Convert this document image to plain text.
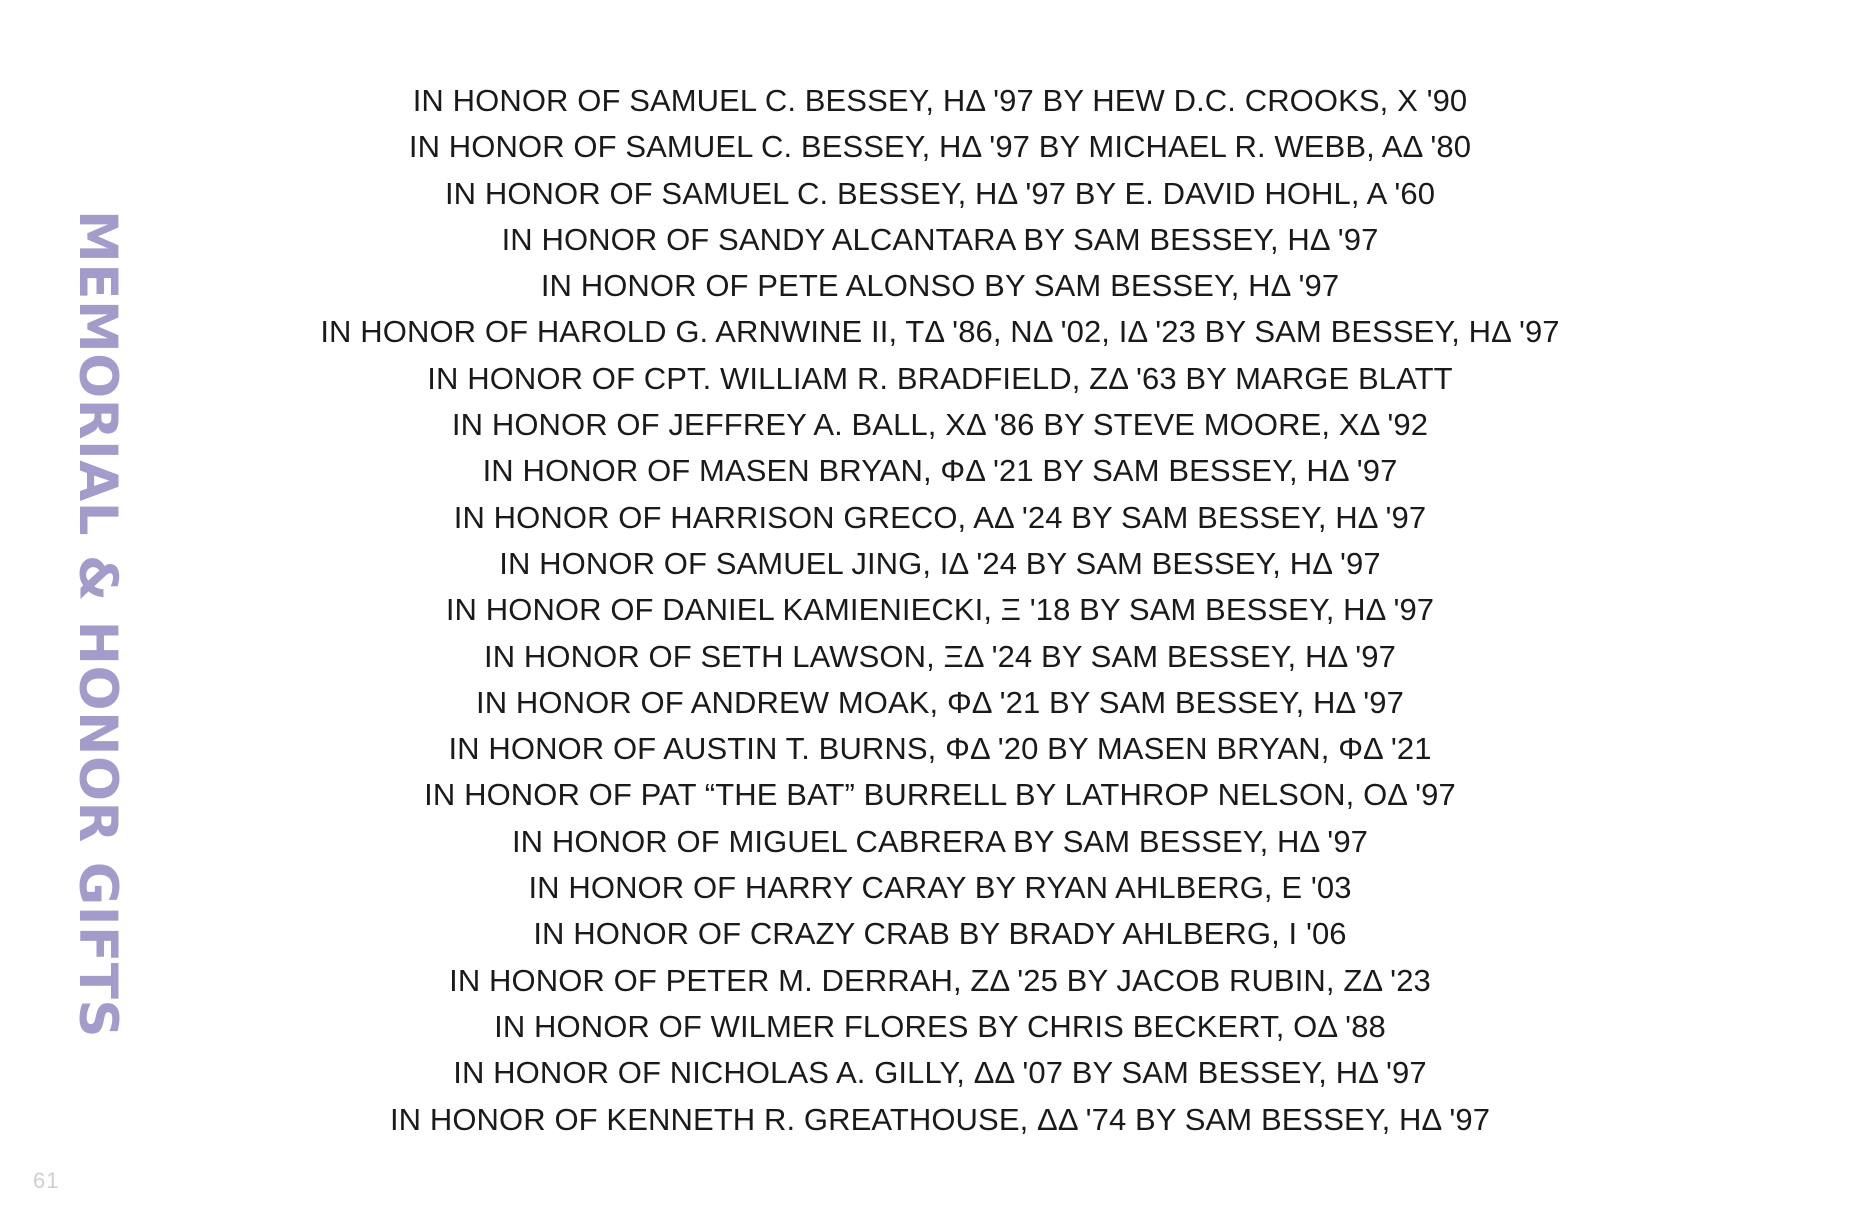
MEMORIAL & HONOR GIFTS
IN HONOR OF SAMUEL C. BESSEY, HΔ '97 BY HEW D.C. CROOKS, X '90
IN HONOR OF SAMUEL C. BESSEY, HΔ '97 BY MICHAEL R. WEBB, AΔ '80
IN HONOR OF SAMUEL C. BESSEY, HΔ '97 BY E. DAVID HOHL, A '60
IN HONOR OF SANDY ALCANTARA BY SAM BESSEY, HΔ '97
IN HONOR OF PETE ALONSO BY SAM BESSEY, HΔ '97
IN HONOR OF HAROLD G. ARNWINE II, TΔ '86, NΔ '02, IΔ '23 BY SAM BESSEY, HΔ '97
IN HONOR OF CPT. WILLIAM R. BRADFIELD, ZΔ '63 BY MARGE BLATT
IN HONOR OF JEFFREY A. BALL, XΔ '86 BY STEVE MOORE, XΔ '92
IN HONOR OF MASEN BRYAN, ΦΔ '21 BY SAM BESSEY, HΔ '97
IN HONOR OF HARRISON GRECO, AΔ '24 BY SAM BESSEY, HΔ '97
IN HONOR OF SAMUEL JING, IΔ '24 BY SAM BESSEY, HΔ '97
IN HONOR OF DANIEL KAMIENIECKI, Ξ '18 BY SAM BESSEY, HΔ '97
IN HONOR OF SETH LAWSON, ΞΔ '24 BY SAM BESSEY, HΔ '97
IN HONOR OF ANDREW MOAK, ΦΔ '21 BY SAM BESSEY, HΔ '97
IN HONOR OF AUSTIN T. BURNS, ΦΔ '20 BY MASEN BRYAN, ΦΔ '21
IN HONOR OF PAT “THE BAT” BURRELL BY LATHROP NELSON, OΔ '97
IN HONOR OF MIGUEL CABRERA BY SAM BESSEY, HΔ '97
IN HONOR OF HARRY CARAY BY RYAN AHLBERG, E '03
IN HONOR OF CRAZY CRAB BY BRADY AHLBERG, I '06
IN HONOR OF PETER M. DERRAH, ZΔ '25 BY JACOB RUBIN, ZΔ '23
IN HONOR OF WILMER FLORES BY CHRIS BECKERT, OΔ '88
IN HONOR OF NICHOLAS A. GILLY, ΔΔ '07 BY SAM BESSEY, HΔ '97
IN HONOR OF KENNETH R. GREATHOUSE, ΔΔ '74 BY SAM BESSEY, HΔ '97
61
